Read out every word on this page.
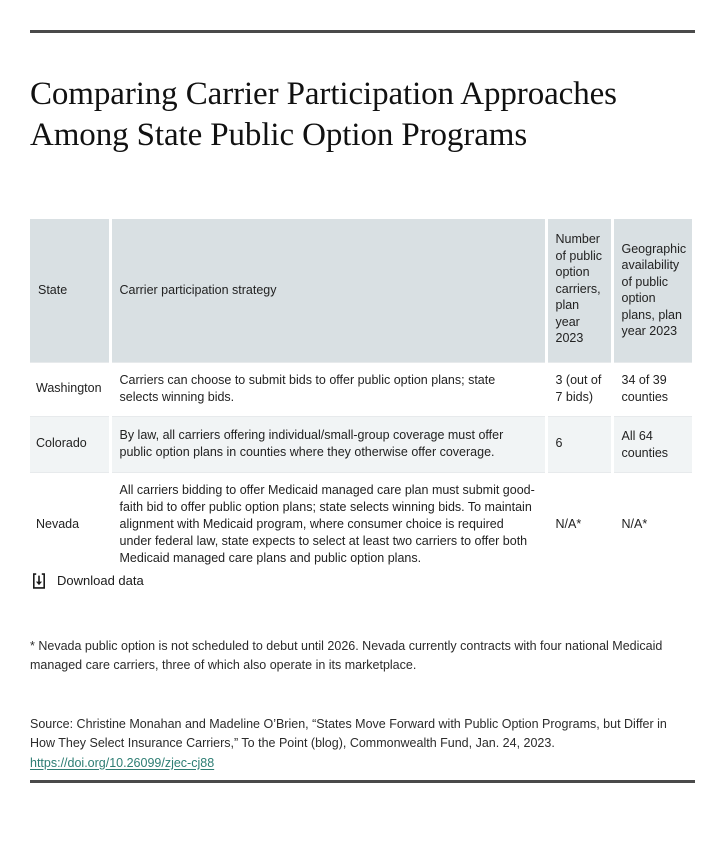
Comparing Carrier Participation Approaches Among State Public Option Programs
State	Carrier participation strategy	Number of public option carriers, plan year 2023	Geographic availability of public option plans, plan year 2023
Washington	Carriers can choose to submit bids to offer public option plans; state selects winning bids.	3 (out of 7 bids)	34 of 39 counties
Colorado	By law, all carriers offering individual/small-group coverage must offer public option plans in counties where they otherwise offer coverage.	6	All 64 counties
Nevada	All carriers bidding to offer Medicaid managed care plan must submit good-faith bid to offer public option plans; state selects winning bids. To maintain alignment with Medicaid program, where consumer choice is required under federal law, state expects to select at least two carriers to offer both Medicaid managed care plans and public option plans.	N/A*	N/A*
Download data

* Nevada public option is not scheduled to debut until 2026. Nevada currently contracts with four national Medicaid managed care carriers, three of which also operate in its marketplace.

Source: Christine Monahan and Madeline O’Brien, “States Move Forward with Public Option Programs, but Differ in How They Select Insurance Carriers,” To the Point (blog), Commonwealth Fund, Jan. 24, 2023. https://doi.org/10.26099/zjec-cj88
